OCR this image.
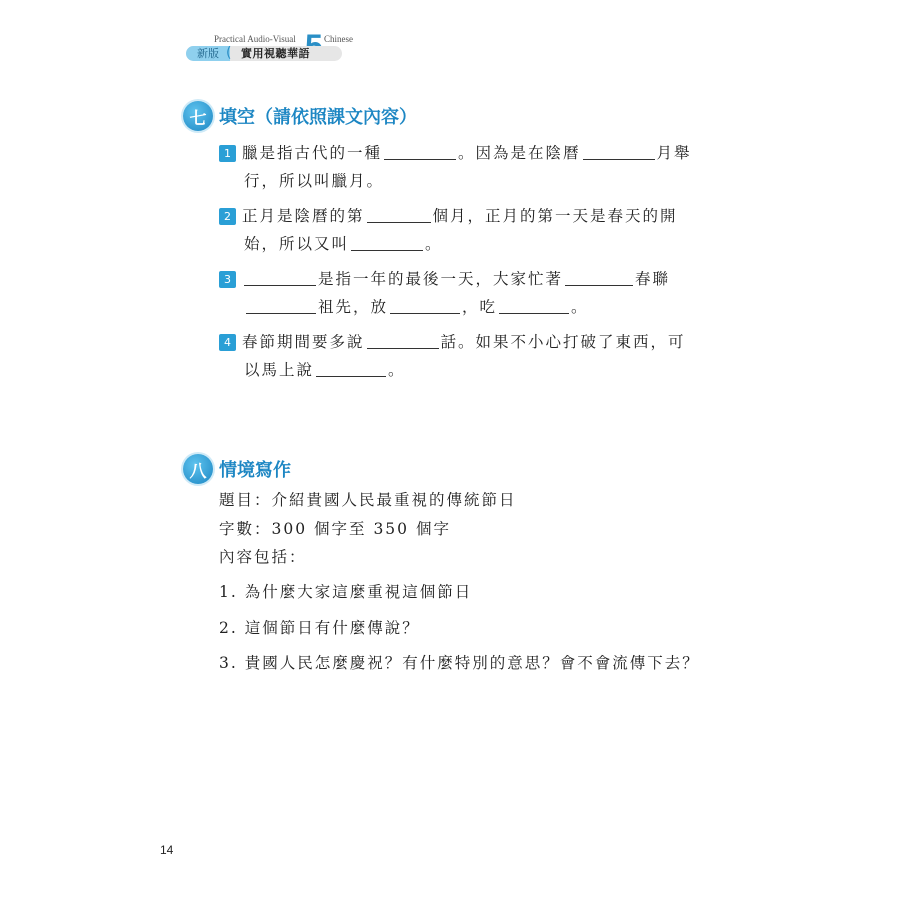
Practical Audio-Visual	Chinese
新版 ( 實用視聽華語
七 填空（請依照課文內容）
1 臘是指古代的一種	。因為是在陰曆	月舉
行，所以叫臘月。
2 正月是陰曆的第	個月，正月的第一天是春天的開
始，所以又叫	。
3	是指一年的最後一天，大家忙著	春聯
祖先，放	，吃	。
4 春節期間要多說	話。如果不小心打破了東西，可
以馬上說	。
八 情境寫作
題目：介紹貴國人民最重視的傳統節日
字數：300 個字至 350 個字
內容包括：
1. 為什麼大家這麼重視這個節日
2. 這個節日有什麼傳說？
3. 貴國人民怎麼慶祝？有什麼特別的意思？會不會流傳下去？
14
